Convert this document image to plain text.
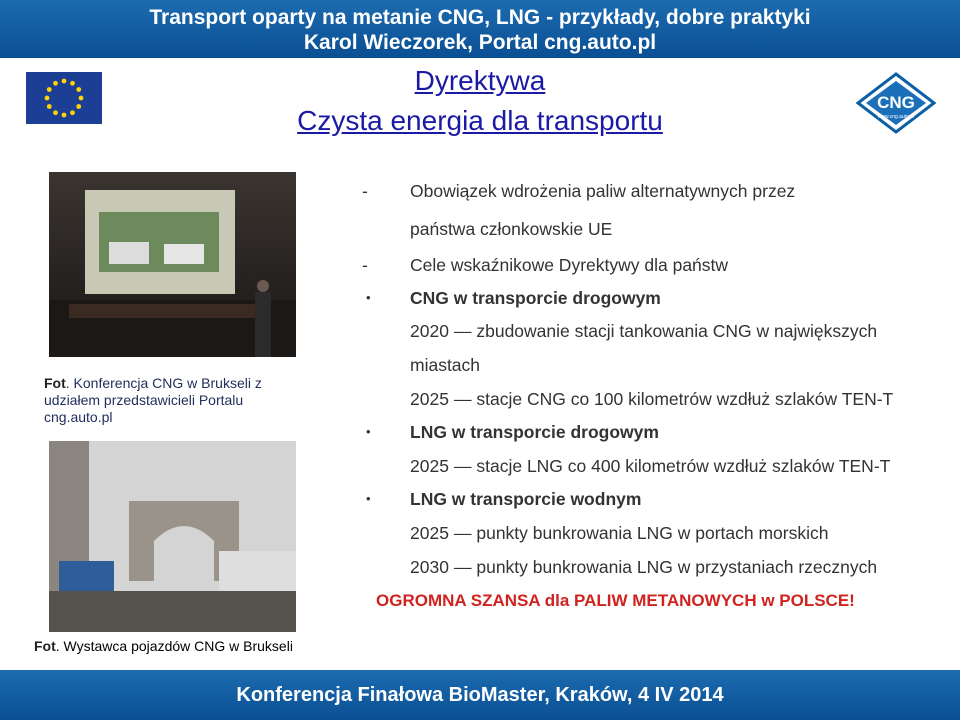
Transport oparty na metanie CNG, LNG - przykłady, dobre praktyki
Karol Wieczorek, Portal cng.auto.pl
Dyrektywa
Czysta energia dla transportu
CNG
www.cng.auto.pl
Fot. Konferencja CNG w Brukseli z udziałem przedstawicieli Portalu cng.auto.pl
Fot. Wystawca pojazdów CNG w Brukseli
- Obowiązek wdrożenia paliw alternatywnych przez
państwa członkowskie UE
- Cele wskaźnikowe Dyrektywy dla państw
• CNG w transporcie drogowym
2020 — zbudowanie stacji tankowania CNG w największych
miastach
2025 — stacje CNG co 100 kilometrów wzdłuż szlaków TEN-T
• LNG w transporcie drogowym
2025 — stacje LNG co 400 kilometrów wzdłuż szlaków TEN-T
• LNG w transporcie wodnym
2025 — punkty bunkrowania LNG w portach morskich
2030 — punkty bunkrowania LNG w przystaniach rzecznych
OGROMNA SZANSA dla PALIW METANOWYCH w POLSCE!
Konferencja Finałowa BioMaster, Kraków, 4 IV 2014
